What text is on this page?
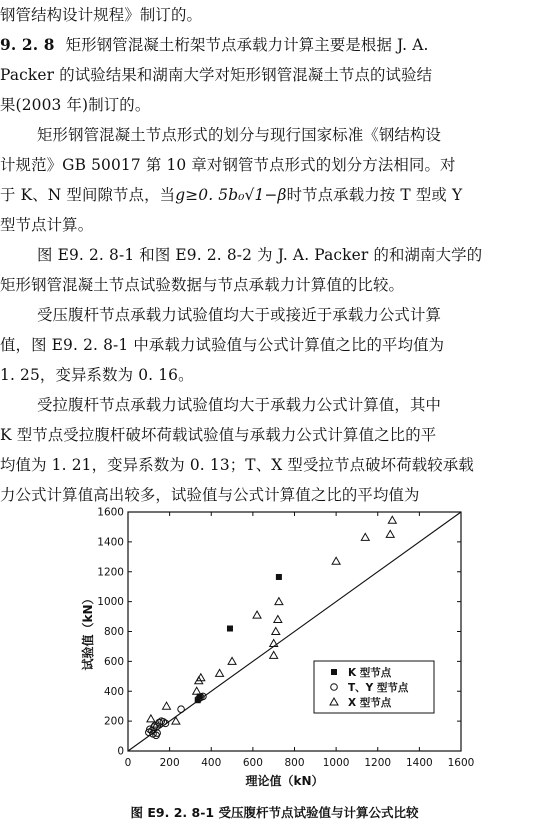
钢管结构设计规程》制订的。
9. 2. 8 矩形钢管混凝土桁架节点承载力计算主要是根据 J. A.
Packer 的试验结果和湖南大学对矩形钢管混凝土节点的试验结
果(2003 年)制订的。
矩形钢管混凝土节点形式的划分与现行国家标准《钢结构设
计规范》GB 50017 第 10 章对钢管节点形式的划分方法相同。对
于 K、N 型间隙节点，当g≥0. 5b₀√1−β时节点承载力按 T 型或 Y
型节点计算。
图 E9. 2. 8-1 和图 E9. 2. 8-2 为 J. A. Packer 的和湖南大学的
矩形钢管混凝土节点试验数据与节点承载力计算值的比较。
受压腹杆节点承载力试验值均大于或接近于承载力公式计算
值，图 E9. 2. 8-1 中承载力试验值与公式计算值之比的平均值为
1. 25，变异系数为 0. 16。
受拉腹杆节点承载力试验值均大于承载力公式计算值，其中
K 型节点受拉腹杆破坏荷载试验值与承载力公式计算值之比的平
均值为 1. 21，变异系数为 0. 13；T、X 型受拉节点破坏荷载较承载
力公式计算值高出较多，试验值与公式计算值之比的平均值为
0	200 400 600 800 1000 1200 1400 1600
0
200
400
600
800
1000
1200
1400
1600
理论值（kN）
试验值（kN）
K 型节点
T、Y 型节点
X 型节点
图 E9. 2. 8-1 受压腹杆节点试验值与计算公式比较
